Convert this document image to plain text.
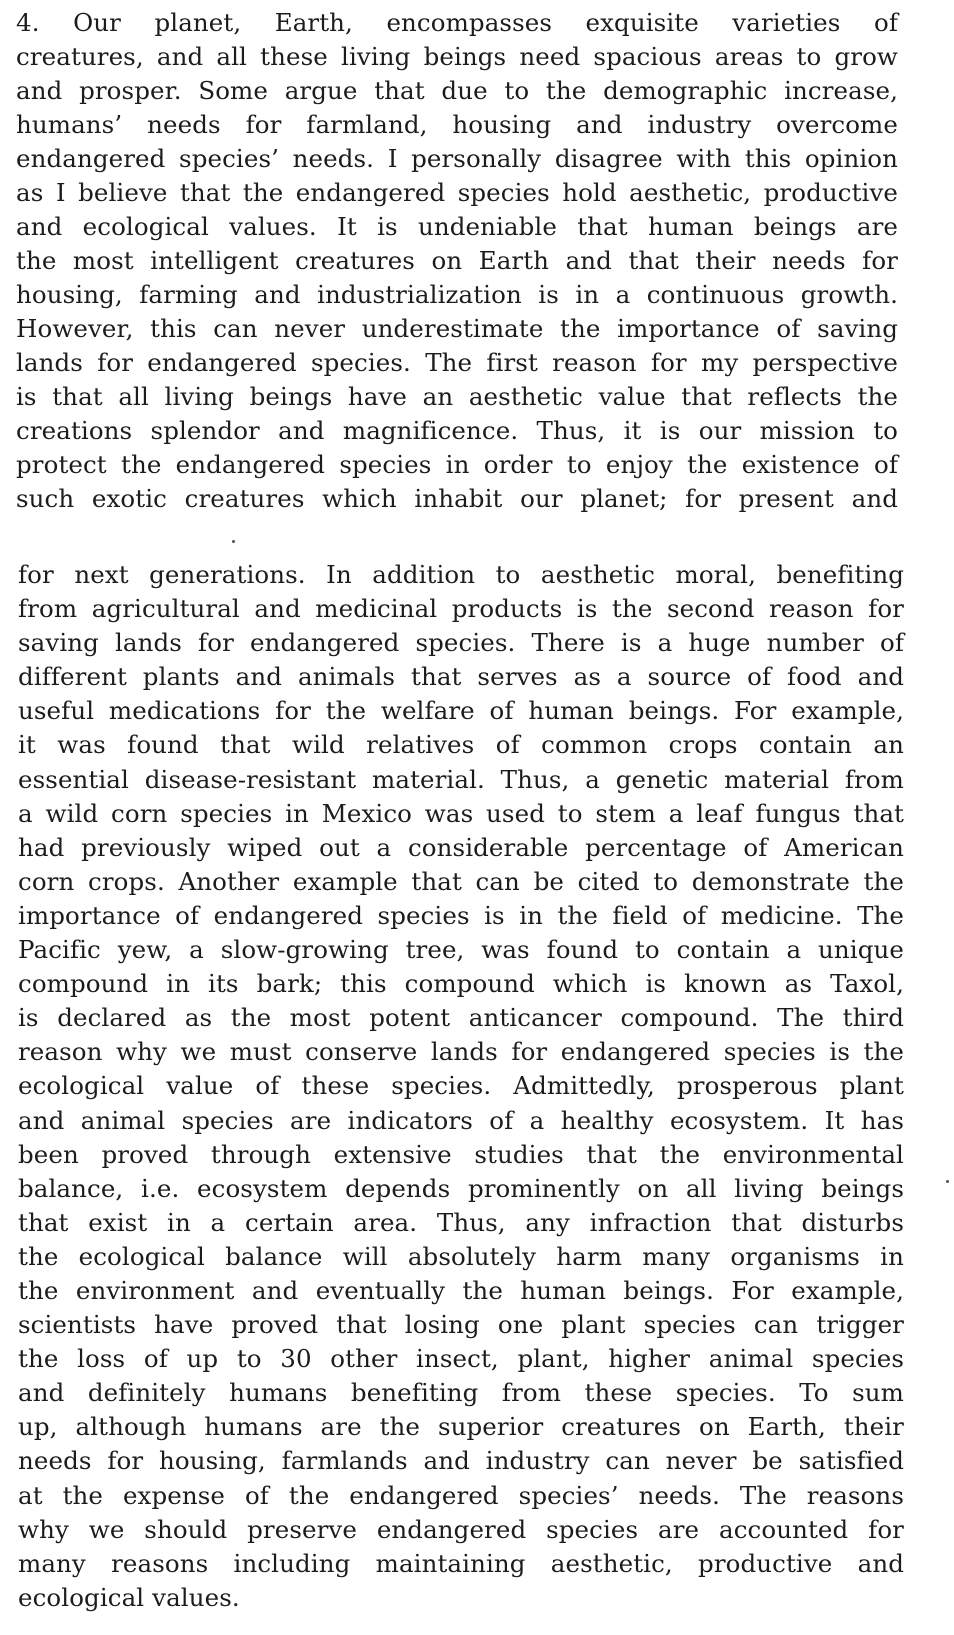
4. Our planet, Earth, encompasses exquisite varieties of
creatures, and all these living beings need spacious areas to grow
and prosper. Some argue that due to the demographic increase,
humans’ needs for farmland, housing and industry overcome
endangered species’ needs. I personally disagree with this opinion
as I believe that the endangered species hold aesthetic, productive
and ecological values. It is undeniable that human beings are
the most intelligent creatures on Earth and that their needs for
housing, farming and industrialization is in a continuous growth.
However, this can never underestimate the importance of saving
lands for endangered species. The first reason for my perspective
is that all living beings have an aesthetic value that reflects the
creations splendor and magnificence. Thus, it is our mission to
protect the endangered species in order to enjoy the existence of
such exotic creatures which inhabit our planet; for present and

for next generations. In addition to aesthetic moral, benefiting
from agricultural and medicinal products is the second reason for
saving lands for endangered species. There is a huge number of
different plants and animals that serves as a source of food and
useful medications for the welfare of human beings. For example,
it was found that wild relatives of common crops contain an
essential disease-resistant material. Thus, a genetic material from
a wild corn species in Mexico was used to stem a leaf fungus that
had previously wiped out a considerable percentage of American
corn crops. Another example that can be cited to demonstrate the
importance of endangered species is in the field of medicine. The
Pacific yew, a slow-growing tree, was found to contain a unique
compound in its bark; this compound which is known as Taxol,
is declared as the most potent anticancer compound. The third
reason why we must conserve lands for endangered species is the
ecological value of these species. Admittedly, prosperous plant
and animal species are indicators of a healthy ecosystem. It has
been proved through extensive studies that the environmental
balance, i.e. ecosystem depends prominently on all living beings
that exist in a certain area. Thus, any infraction that disturbs
the ecological balance will absolutely harm many organisms in
the environment and eventually the human beings. For example,
scientists have proved that losing one plant species can trigger
the loss of up to 30 other insect, plant, higher animal species
and definitely humans benefiting from these species. To sum
up, although humans are the superior creatures on Earth, their
needs for housing, farmlands and industry can never be satisfied
at the expense of the endangered species’ needs. The reasons
why we should preserve endangered species are accounted for
many reasons including maintaining aesthetic, productive and
ecological values.
